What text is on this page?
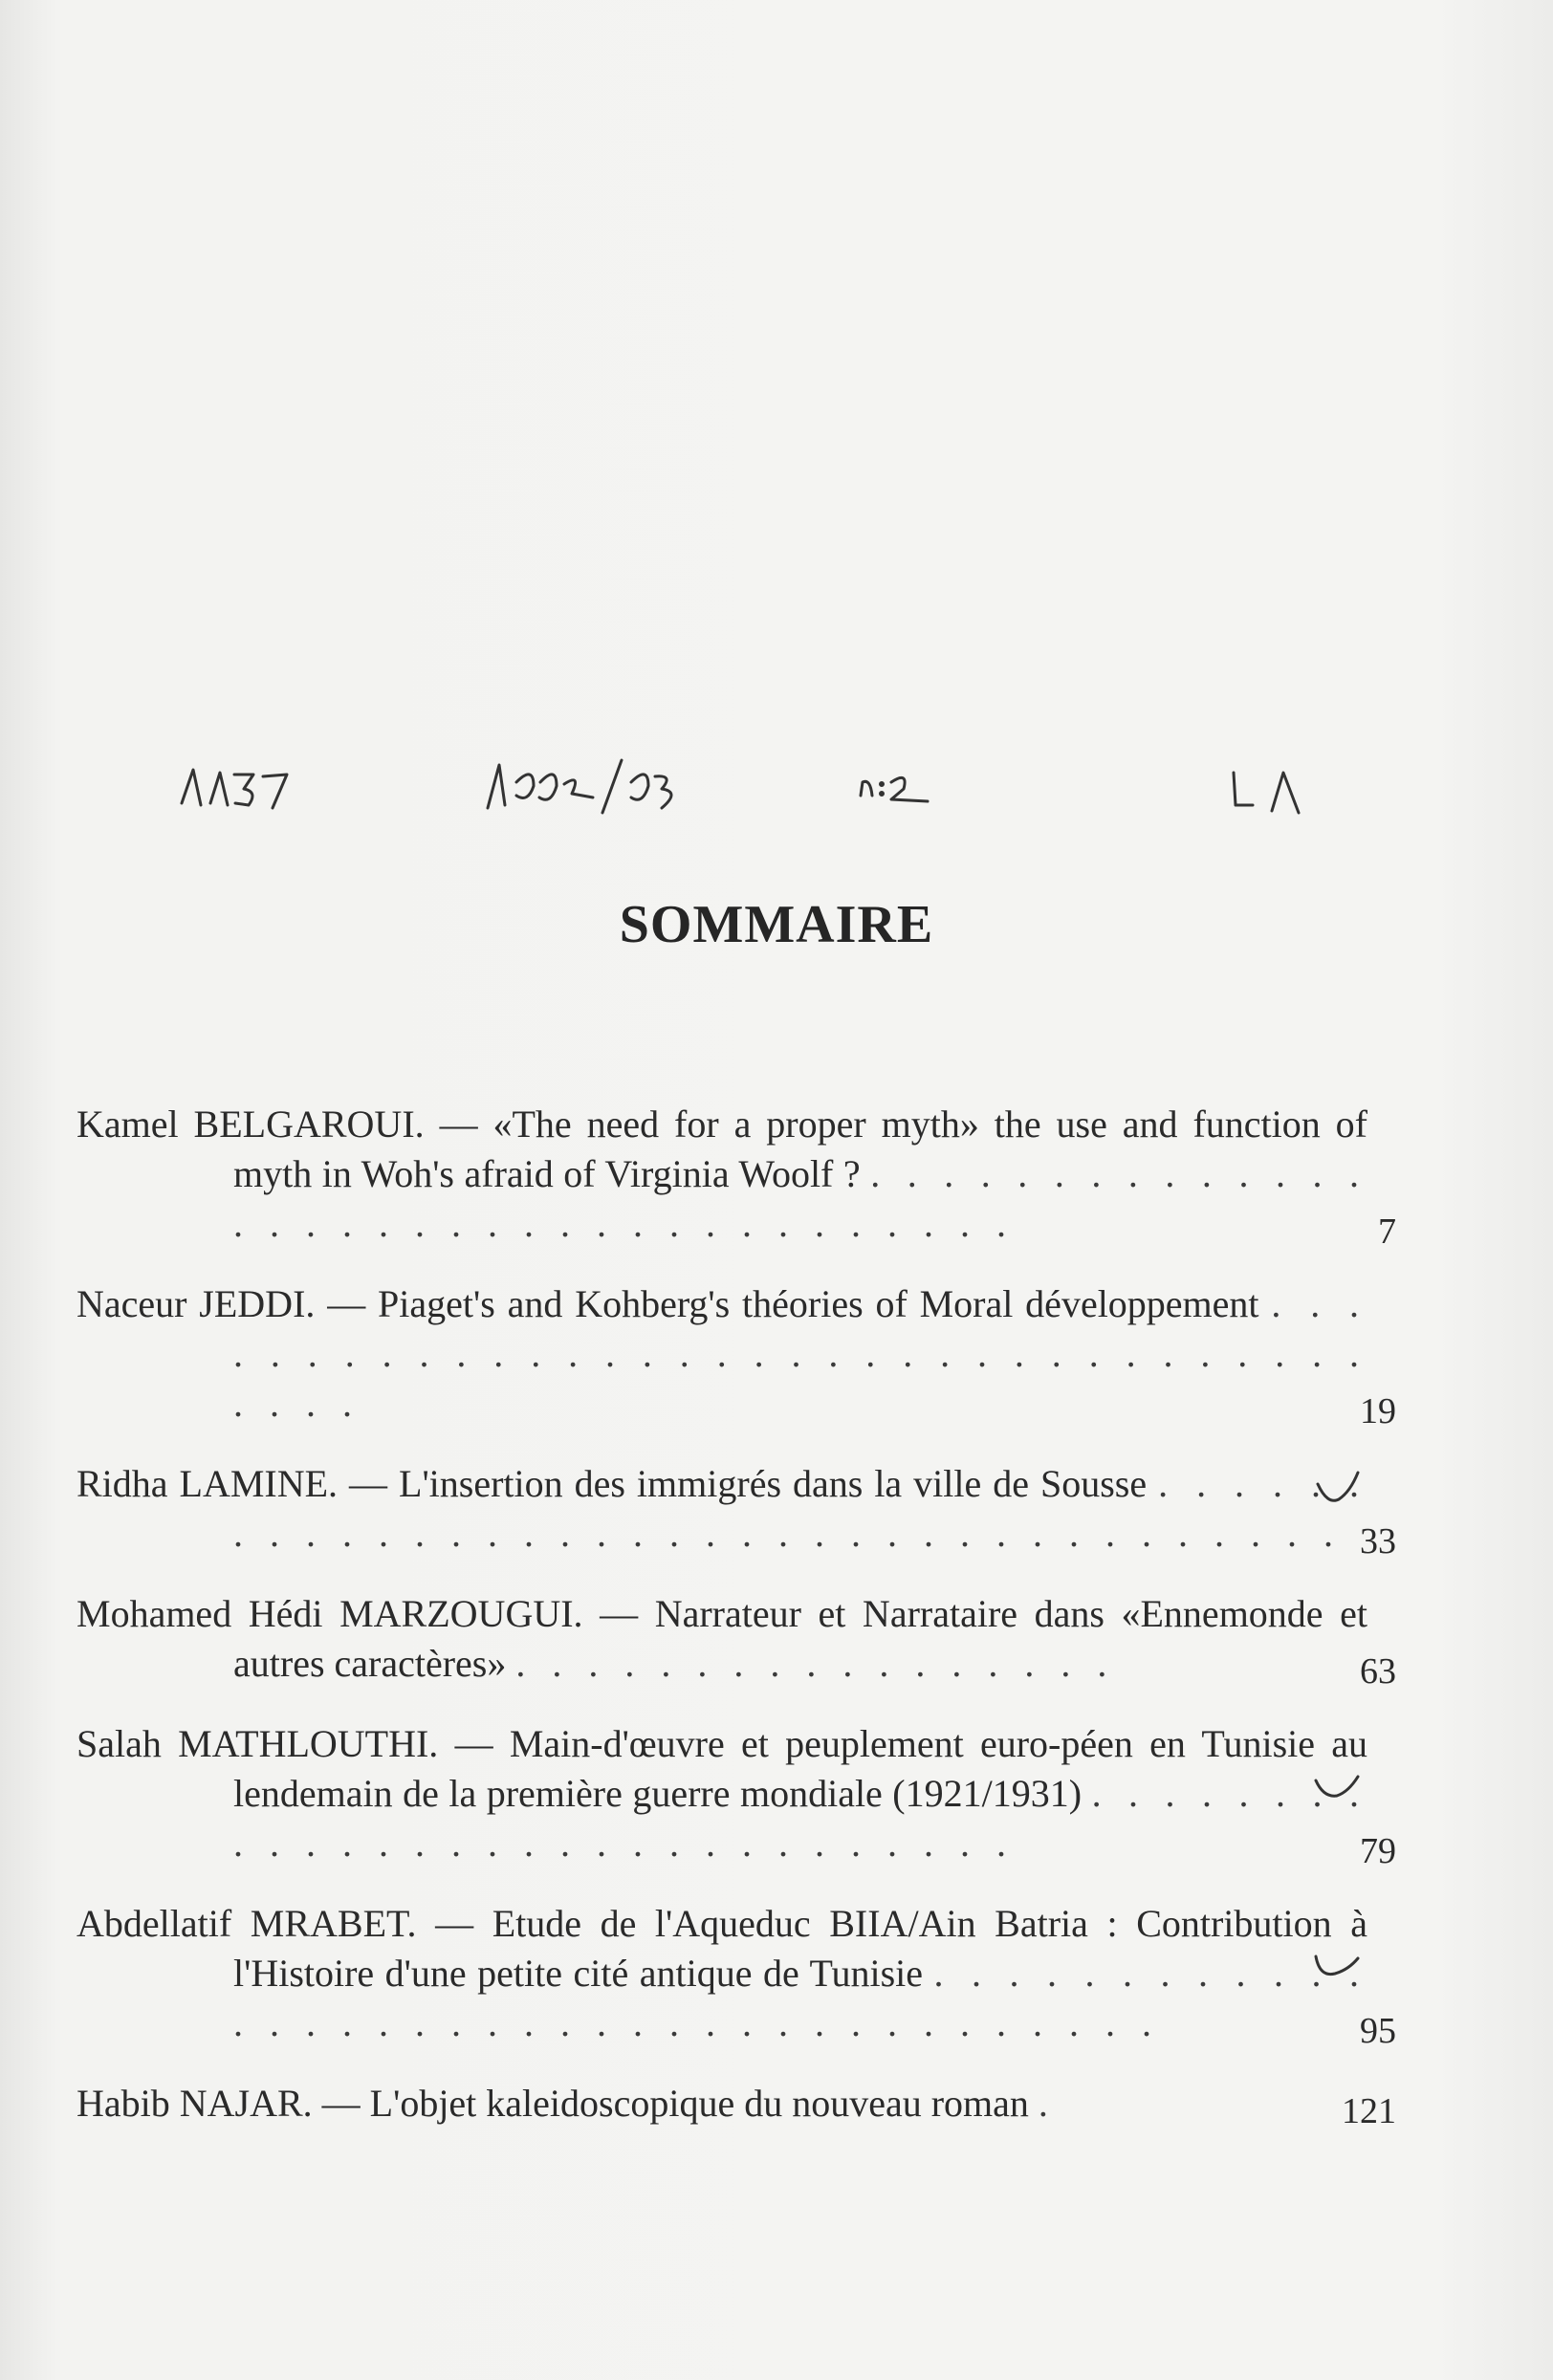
SOMMAIRE
Kamel BELGAROUI. — «The need for a proper myth» the use and function of myth in Woh's afraid of Virginia Woolf ? . . . . . . . . . . . . . . . . . . . . . . . . . . . . . . . . . . . .	7
Naceur JEDDI. — Piaget's and Kohberg's théories of Moral développement . . . . . . . . . . . . . . . . . . . . . . . . . . . . . . . . . . . . . .	19
Ridha LAMINE. — L'insertion des immigrés dans la ville de Sousse . . . . . . . . . . . . . . . . . . . . . . . . . . . . . . . . . . . . . 33
Mohamed Hédi MARZOUGUI. — Narrateur et Narrataire dans «Ennemonde et autres caractères» . . . . . . . . . . . . . . . . .	63
Salah MATHLOUTHI. — Main-d'œuvre et peuplement euro-péen en Tunisie au lendemain de la première guerre mondiale (1921/1931) . . . . . . . . . . . . . . . . . . . . . . . . . . . . . .	79
Abdellatif MRABET. — Etude de l'Aqueduc BIIA/Ain Batria : Contribution à l'Histoire d'une petite cité antique de Tunisie . . . . . . . . . . . . . . . . . . . . . . . . . . . . . . . . . . . . . .	95
Habib NAJAR. — L'objet kaleidoscopique du nouveau roman .	121
